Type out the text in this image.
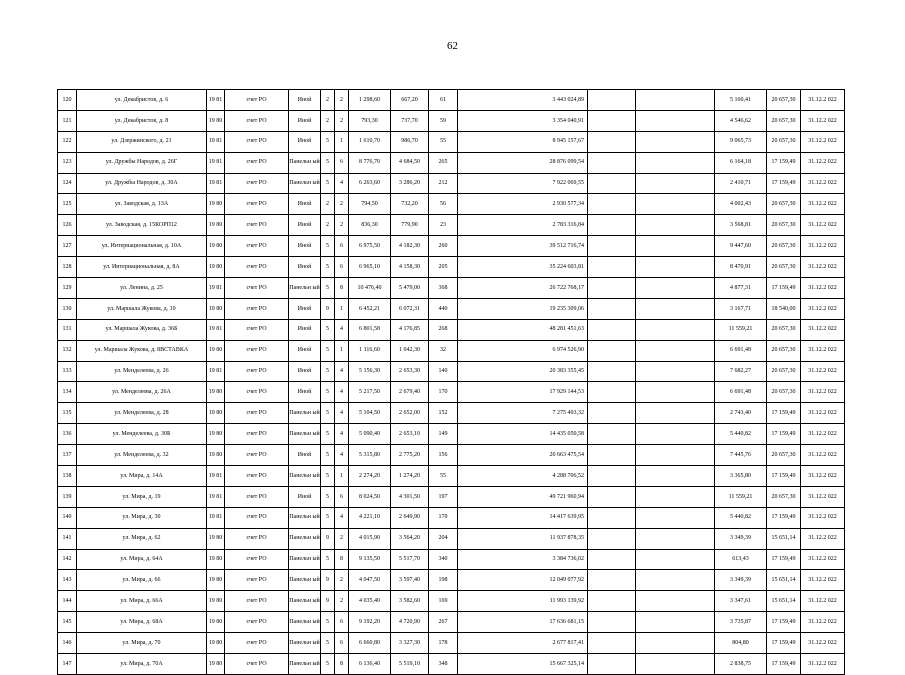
62
120	ул. Декабристов, д. 6	19 81	счет РО	Иной	2	2	1 298,60	667,20	61	3 443 024,89			5 160,41	20 657,30	31.12.2 022
121	ул. Декабристов, д. 8	19 80	счет РО	Иной	2	2	793,30	737,70	59	3 354 040,91			4 546,62	20 657,30	31.12.2 022
122	ул. Дзержинского, д. 21	19 81	счет РО	Иной	5	1	1 610,70	986,70	55	8 945 157,67			9 065,73	20 657,30	31.12.2 022
123	ул. Дружбы Народов, д. 26Г	19 81	счет РО	Панельн ый	5	6	8 776,70	4 684,50	265	28 876 099,54			6 164,18	17 159,49	31.12.2 022
124	ул. Дружбы Народов, д. 30А	19 81	счет РО	Панельн ый	5	4	6 263,60	3 286,20	212	7 922 069,55			2 410,71	17 159,49	31.12.2 022
125	ул. Заводская, д. 13А	19 80	счет РО	Иной	2	2	794,50	732,20	56	2 930 577,34			4 002,43	20 657,30	31.12.2 022
126	ул. Заводская, д. 15КОРП12	19 80	счет РО	Иной	2	2	836,30	779,90	23	2 783 316,84			3 568,81	20 657,30	31.12.2 022
127	ул. Интернациональная, д. 10А	19 80	счет РО	Иной	5	6	6 975,50	4 182,30	260	39 512 716,74			9 447,60	20 657,30	31.12.2 022
128	ул. Интернациональная, д. 8А	19 80	счет РО	Иной	5	6	6 965,10	4 158,30	205	35 224 603,81			8 470,91	20 657,30	31.12.2 022
129	ул. Ленина, д. 25	19 81	счет РО	Панельн ый	5	8	10 476,40	5 479,00	368	26 722 768,17			4 877,31	17 159,49	31.12.2 022
130	ул. Маршала Жукова, д. 10	19 80	счет РО	Иной	9	1	6 452,21	6 072,31	440	19 235 309,06			3 167,71	18 540,00	31.12.2 022
131	ул. Маршала Жукова, д. 36Б	19 81	счет РО	Иной	5	4	6 801,58	4 176,85	268	48 281 451,63			11 559,21	20 657,30	31.12.2 022
132	ул. Маршала Жукова, д. 8ВСТАВКА	19 80	счет РО	Иной	5	1	1 116,60	1 042,30	32	6 974 526,90			6 691,48	20 657,30	31.12.2 022
133	ул. Менделеева, д. 26	19 81	счет РО	Иной	5	4	5 156,30	2 653,30	140	20 383 355,45			7 682,27	20 657,30	31.12.2 022
134	ул. Менделеева, д. 26А	19 80	счет РО	Иной	5	4	5 217,50	2 679,40	170	17 929 144,53			6 691,48	20 657,30	31.12.2 022
135	ул. Менделеева, д. 28	19 80	счет РО	Панельн ый	5	4	5 104,50	2 652,00	152	7 275 493,32			2 743,40	17 159,49	31.12.2 022
136	ул. Менделеева, д. 30Б	19 80	счет РО	Панельн ый	5	4	5 090,40	2 653,10	149	14 435 050,58			5 440,82	17 159,49	31.12.2 022
137	ул. Менделеева, д. 32	19 80	счет РО	Иной	5	4	5 315,80	2 775,20	156	20 663 475,54			7 445,76	20 657,30	31.12.2 022
138	ул. Мира, д. 14А	19 81	счет РО	Панельн ый	5	1	2 274,20	1 274,20	55	4 288 706,52			3 365,80	17 159,49	31.12.2 022
139	ул. Мира, д. 19	19 81	счет РО	Иной	5	6	8 024,50	4 301,50	197	49 721 960,94			11 559,21	20 657,30	31.12.2 022
140	ул. Мира, д. 30	19 81	счет РО	Панельн ый	5	4	4 221,10	2 649,90	170	14 417 639,95			5 440,82	17 159,49	31.12.2 022
141	ул. Мира, д. 62	19 80	счет РО	Панельн ый	9	2	4 015,90	3 564,20	204	11 937 878,35			3 349,39	15 651,14	31.12.2 022
142	ул. Мира, д. 64А	19 80	счет РО	Панельн ый	5	8	9 135,50	5 517,70	340	3 384 736,02			613,43	17 159,49	31.12.2 022
143	ул. Мира, д. 66	19 80	счет РО	Панельн ый	9	2	4 047,50	3 597,40	198	12 049 077,92			3 349,39	15 651,14	31.12.2 022
144	ул. Мира, д. 66А	19 80	счет РО	Панельн ый	9	2	4 035,40	3 582,60	169	11 993 139,92			3 347,61	15 651,14	31.12.2 022
145	ул. Мира, д. 68А	19 80	счет РО	Панельн ый	5	6	9 192,20	4 720,90	267	17 636 681,15			3 735,87	17 159,49	31.12.2 022
146	ул. Мира, д. 70	19 80	счет РО	Панельн ый	5	6	6 660,80	3 327,30	178	2 677 817,41			804,80	17 159,49	31.12.2 022
147	ул. Мира, д. 70А	19 80	счет РО	Панельн ый	5	8	6 136,40	5 519,10	348	15 667 325,14			2 838,75	17 159,49	31.12.2 022
